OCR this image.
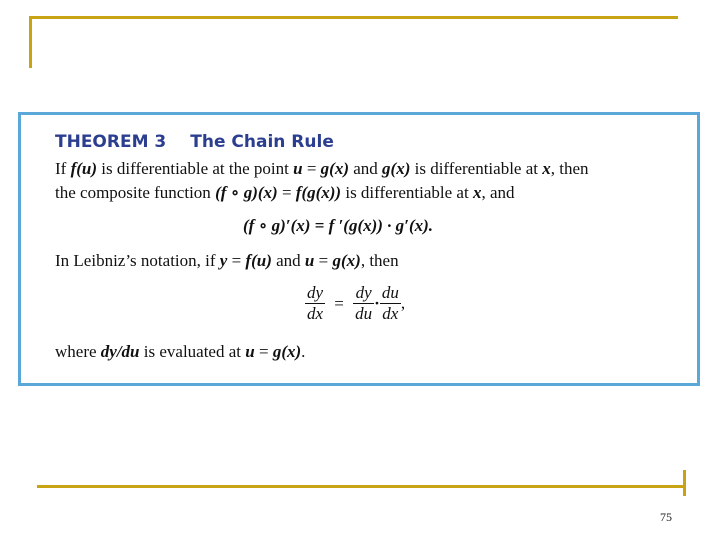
THEOREM 3 The Chain Rule
If f(u) is differentiable at the point u = g(x) and g(x) is differentiable at x, then
the composite function (f ∘ g)(x) = f(g(x)) is differentiable at x, and
(f ∘ g)′(x) = f ′(g(x)) · g′(x).
In Leibniz’s notation, if y = f(u) and u = g(x), then
$\frac{dy}{dx} = \frac{dy}{du} \cdot \frac{du}{dx}$ ,
where dy/du is evaluated at u = g(x).
75
